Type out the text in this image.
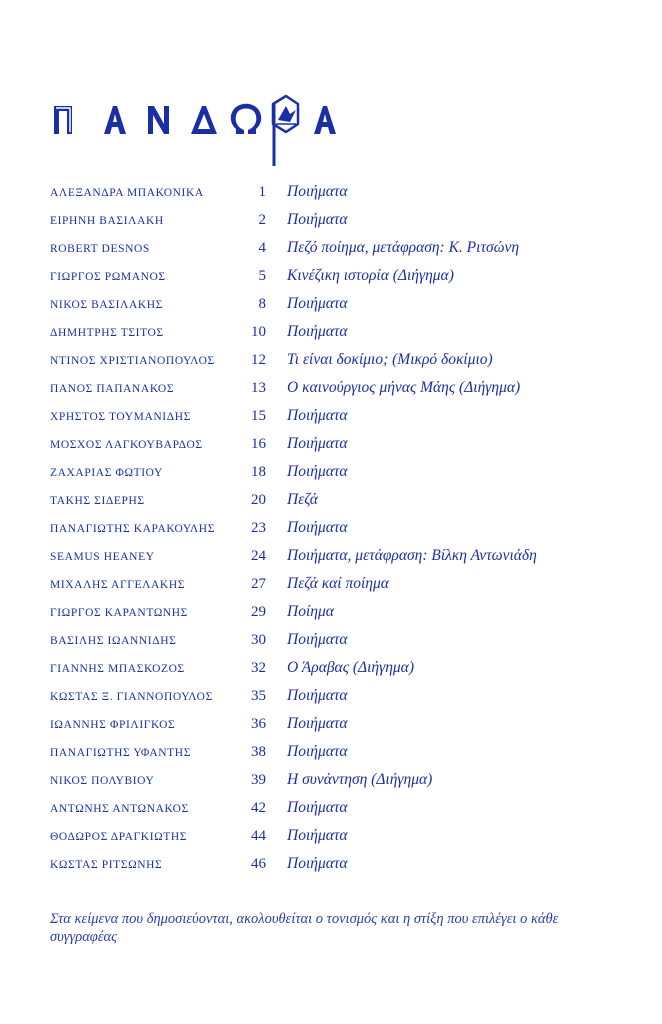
ΑΛΕΞΑΝΔΡΑ ΜΠΑΚΟΝΙΚΑ	1	Ποιήματα
ΕΙΡΗΝΗ ΒΑΣΙΛΑΚΗ	2	Ποιήματα
ROBERT DESNOS	4	Πεζό ποίημα, μετάφραση: Κ. Ριτσώνη
ΓΙΩΡΓΟΣ ΡΩΜΑΝΟΣ	5	Κινέζικη ιστορία (Διήγημα)
ΝΙΚΟΣ ΒΑΣΙΛΑΚΗΣ	8	Ποιήματα
ΔΗΜΗΤΡΗΣ ΤΣΙΤΟΣ	10	Ποιήματα
ΝΤΙΝΟΣ ΧΡΙΣΤΙΑΝΟΠΟΥΛΟΣ	12	Τι είναι δοκίμιο; (Μικρό δοκίμιο)
ΠΑΝΟΣ ΠΑΠΑΝΑΚΟΣ	13	Ο καινούργιος μήνας Μάης (Διήγημα)
ΧΡΗΣΤΟΣ ΤΟΥΜΑΝΙΔΗΣ	15	Ποιήματα
ΜΟΣΧΟΣ ΛΑΓΚΟΥΒΑΡΔΟΣ	16	Ποιήματα
ΖΑΧΑΡΙΑΣ ΦΩΤΙΟΥ	18	Ποιήματα
ΤΑΚΗΣ ΣΙΔΕΡΗΣ	20	Πεζά
ΠΑΝΑΓΙΩΤΗΣ ΚΑΡΑΚΟΥΛΗΣ	23	Ποιήματα
SEAMUS HEANEY	24	Ποιήματα, μετάφραση: Βίλκη Αντωνιάδη
ΜΙΧΑΛΗΣ ΑΓΓΕΛΑΚΗΣ	27	Πεζά καί ποίημα
ΓΙΩΡΓΟΣ ΚΑΡΑΝΤΩΝΗΣ	29	Ποίημα
ΒΑΣΙΛΗΣ ΙΩΑΝΝΙΔΗΣ	30	Ποιήματα
ΓΙΑΝΝΗΣ ΜΠΑΣΚΟΖΟΣ	32	Ο Άραβας (Διήγημα)
ΚΩΣΤΑΣ Ξ. ΓΙΑΝΝΟΠΟΥΛΟΣ	35	Ποιήματα
ΙΩΑΝΝΗΣ ΦΡΙΛΙΓΚΟΣ	36	Ποιήματα
ΠΑΝΑΓΙΩΤΗΣ ΥΦΑΝΤΗΣ	38	Ποιήματα
ΝΙΚΟΣ ΠΟΛΥΒΙΟΥ	39	Η συνάντηση (Διήγημα)
ΑΝΤΩΝΗΣ ΑΝΤΩΝΑΚΟΣ	42	Ποιήματα
ΘΟΔΩΡΟΣ ΔΡΑΓΚΙΩΤΗΣ	44	Ποιήματα
ΚΩΣΤΑΣ ΡΙΤΣΩΝΗΣ	46	Ποιήματα
Στα κείμενα που δημοσιεύονται, ακολουθείται ο τονισμός και η στίξη που επιλέγει ο κάθε συγγραφέας
